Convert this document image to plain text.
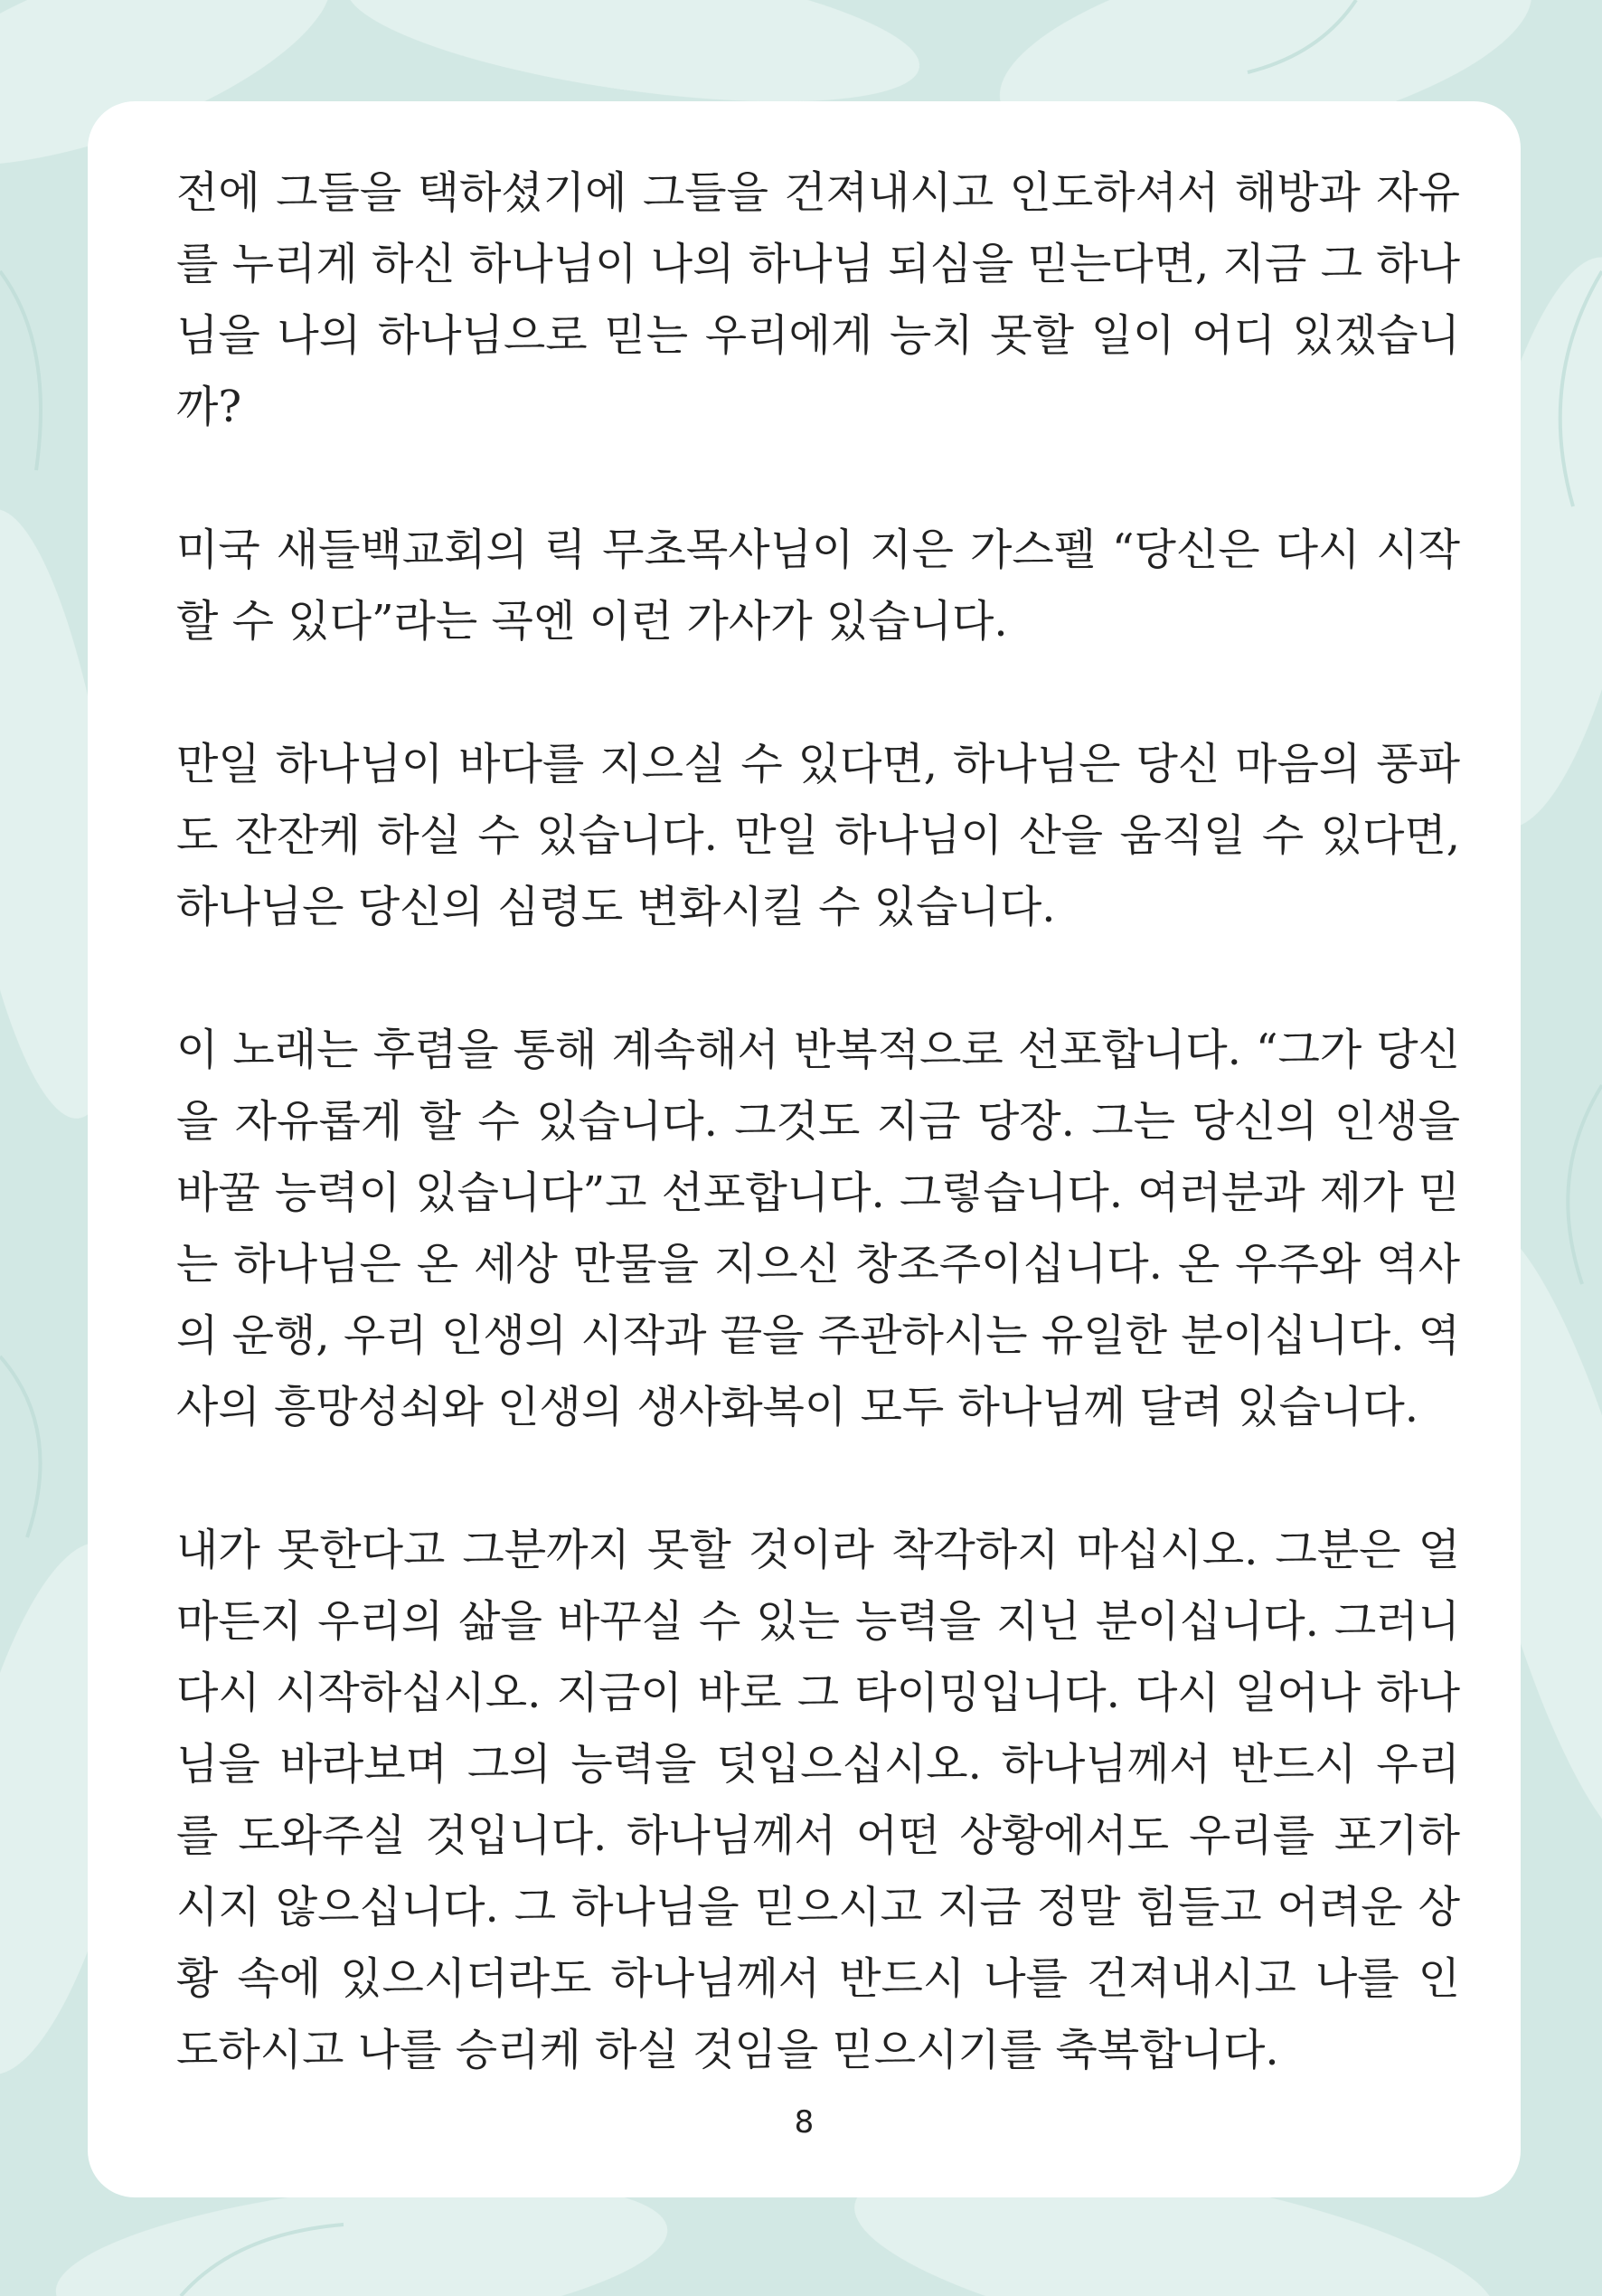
전에 그들을 택하셨기에 그들을 건져내시고 인도하셔서 해방과 자유를 누리게 하신 하나님이 나의 하나님 되심을 믿는다면, 지금 그 하나님을 나의 하나님으로 믿는 우리에게 능치 못할 일이 어디 있겠습니까?

미국 새들백교회의 릭 무초목사님이 지은 가스펠 “당신은 다시 시작할 수 있다”라는 곡엔 이런 가사가 있습니다.

만일 하나님이 바다를 지으실 수 있다면, 하나님은 당신 마음의 풍파도 잔잔케 하실 수 있습니다. 만일 하나님이 산을 움직일 수 있다면, 하나님은 당신의 심령도 변화시킬 수 있습니다.

이 노래는 후렴을 통해 계속해서 반복적으로 선포합니다. “그가 당신을 자유롭게 할 수 있습니다. 그것도 지금 당장. 그는 당신의 인생을 바꿀 능력이 있습니다”고 선포합니다. 그렇습니다. 여러분과 제가 믿는 하나님은 온 세상 만물을 지으신 창조주이십니다. 온 우주와 역사의 운행, 우리 인생의 시작과 끝을 주관하시는 유일한 분이십니다. 역사의 흥망성쇠와 인생의 생사화복이 모두 하나님께 달려 있습니다.

내가 못한다고 그분까지 못할 것이라 착각하지 마십시오. 그분은 얼마든지 우리의 삶을 바꾸실 수 있는 능력을 지닌 분이십니다. 그러니 다시 시작하십시오. 지금이 바로 그 타이밍입니다. 다시 일어나 하나님을 바라보며 그의 능력을 덧입으십시오. 하나님께서 반드시 우리를 도와주실 것입니다. 하나님께서 어떤 상황에서도 우리를 포기하시지 않으십니다. 그 하나님을 믿으시고 지금 정말 힘들고 어려운 상황 속에 있으시더라도 하나님께서 반드시 나를 건져내시고 나를 인도하시고 나를 승리케 하실 것임을 믿으시기를 축복합니다.

8
